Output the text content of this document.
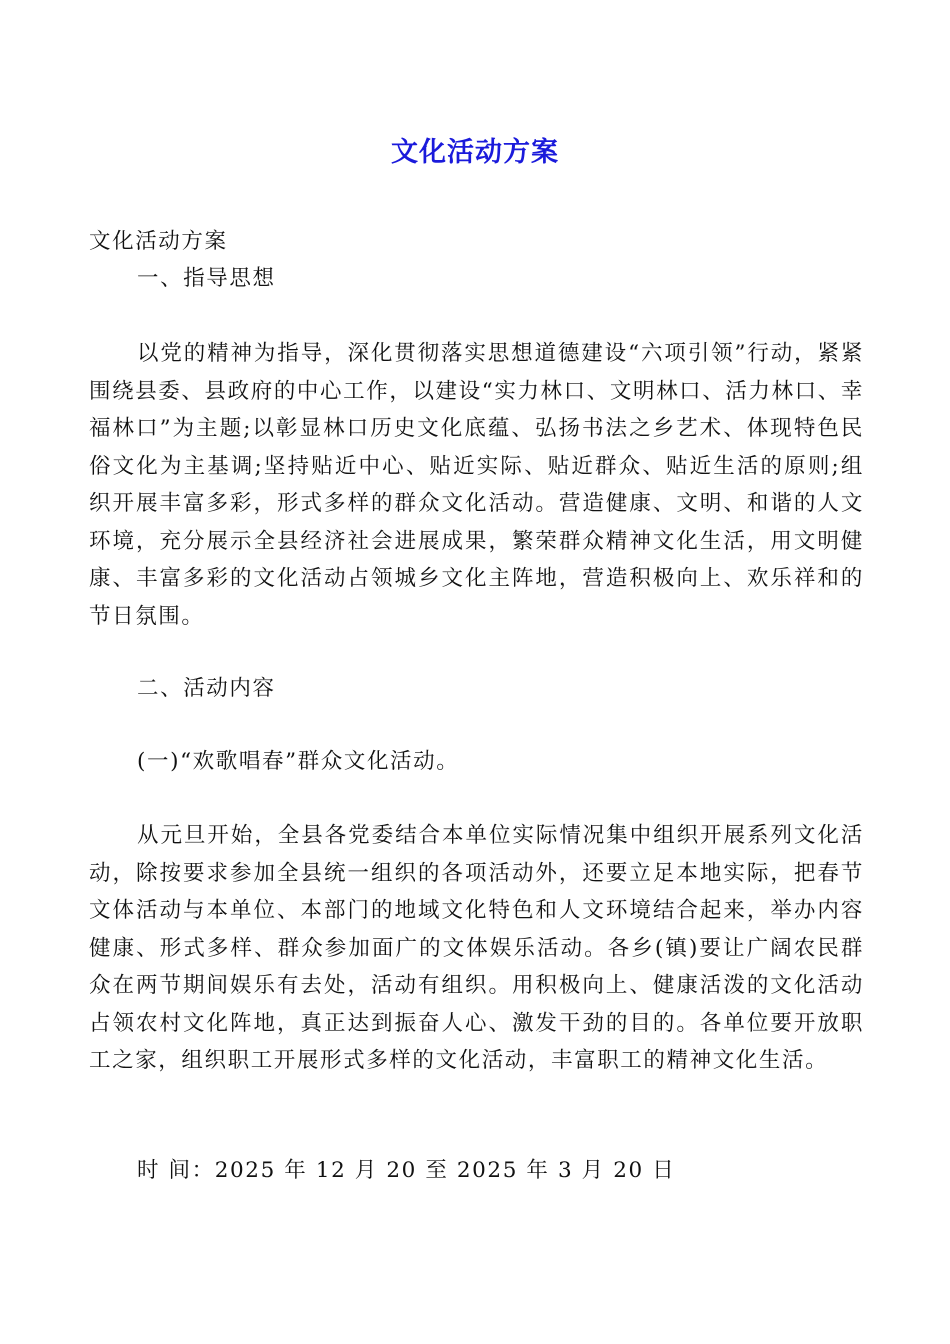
文化活动方案
文化活动方案
一、指导思想
以党的精神为指导，深化贯彻落实思想道德建设“六项引领”行动，紧紧围绕县委、县政府的中心工作，以建设“实力林口、文明林口、活力林口、幸福林口”为主题;以彰显林口历史文化底蕴、弘扬书法之乡艺术、体现特色民俗文化为主基调;坚持贴近中心、贴近实际、贴近群众、贴近生活的原则;组织开展丰富多彩，形式多样的群众文化活动。营造健康、文明、和谐的人文环境，充分展示全县经济社会进展成果，繁荣群众精神文化生活，用文明健康、丰富多彩的文化活动占领城乡文化主阵地，营造积极向上、欢乐祥和的节日氛围。
二、活动内容
(一)“欢歌唱春”群众文化活动。
从元旦开始，全县各党委结合本单位实际情况集中组织开展系列文化活动，除按要求参加全县统一组织的各项活动外，还要立足本地实际，把春节文体活动与本单位、本部门的地域文化特色和人文环境结合起来，举办内容健康、形式多样、群众参加面广的文体娱乐活动。各乡(镇)要让广阔农民群众在两节期间娱乐有去处，活动有组织。用积极向上、健康活泼的文化活动占领农村文化阵地，真正达到振奋人心、激发干劲的目的。各单位要开放职工之家，组织职工开展形式多样的文化活动，丰富职工的精神文化生活。
时 间：2025 年 12 月 20 至 2025 年 3 月 20 日
